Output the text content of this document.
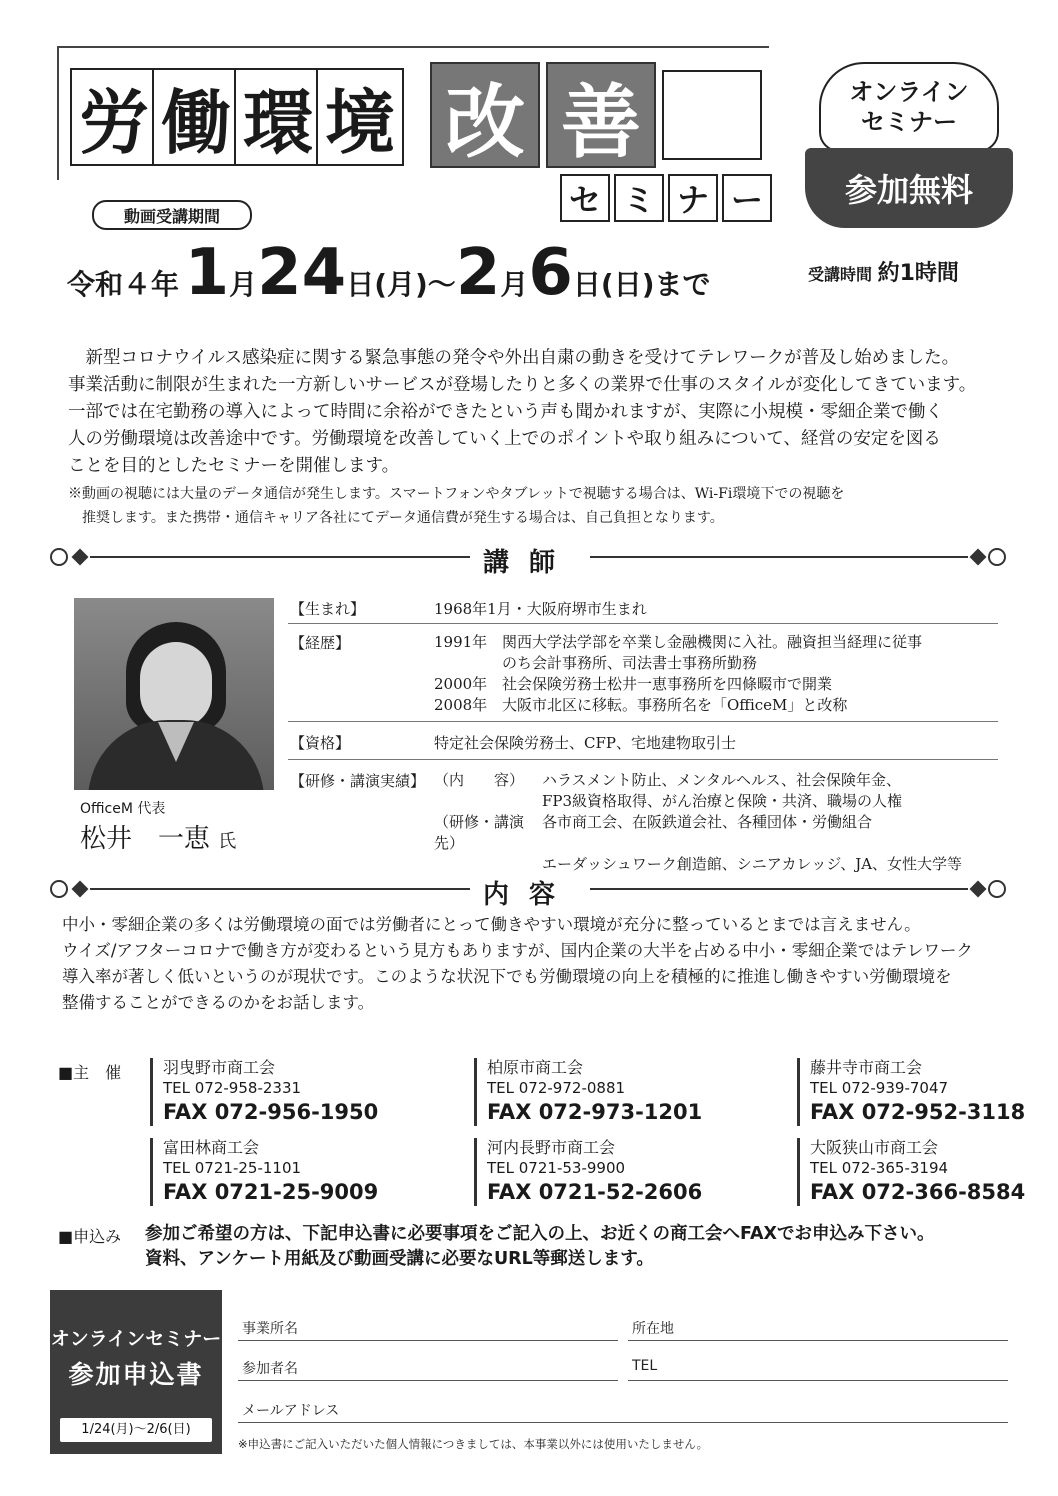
労 働 環 境 改 善
セ ミ ナ ー
オンライン
セミナー
参加無料
動画受講期間
令和４年 1月24日(月)～2月6日(日)まで	受講時間 約1時間
　新型コロナウイルス感染症に関する緊急事態の発令や外出自粛の動きを受けてテレワークが普及し始めました。
事業活動に制限が生まれた一方新しいサービスが登場したりと多くの業界で仕事のスタイルが変化してきています。
一部では在宅勤務の導入によって時間に余裕ができたという声も聞かれますが、実際に小規模・零細企業で働く
人の労働環境は改善途中です。労働環境を改善していく上でのポイントや取り組みについて、経営の安定を図る
ことを目的としたセミナーを開催します。
※動画の視聴には大量のデータ通信が発生します。スマートフォンやタブレットで視聴する場合は、Wi-Fi環境下での視聴を
　推奨します。また携帯・通信キャリア各社にてデータ通信費が発生する場合は、自己負担となります。
講師
OfficeM 代表
松井　一恵 氏
【生まれ】	1968年1月・大阪府堺市生まれ
【経歴】	1991年 関西大学法学部を卒業し金融機関に入社。融資担当経理に従事
のち会計事務所、司法書士事務所勤務
2000年 社会保険労務士松井一恵事務所を四條畷市で開業
2008年 大阪市北区に移転。事務所名を「OfficeM」と改称
【資格】	特定社会保険労務士、CFP、宅地建物取引士
【研修・講演実績】 （内　　容）	ハラスメント防止、メンタルヘルス、社会保険年金、
FP3級資格取得、がん治療と保険・共済、職場の人権
（研修・講演先）
各市商工会、在阪鉄道会社、各種団体・労働組合
エーダッシュワーク創造館、シニアカレッジ、JA、女性大学等
内容
中小・零細企業の多くは労働環境の面では労働者にとって働きやすい環境が充分に整っているとまでは言えません。
ウイズ/アフターコロナで働き方が変わるという見方もありますが、国内企業の大半を占める中小・零細企業ではテレワーク
導入率が著しく低いというのが現状です。このような状況下でも労働環境の向上を積極的に推進し働きやすい労働環境を
整備することができるのかをお話します。
■主　催	羽曳野市商工会
TEL 072-958-2331
FAX 072-956-1950
柏原市商工会
TEL 072-972-0881
FAX 072-973-1201
藤井寺市商工会
TEL 072-939-7047
FAX 072-952-3118
富田林商工会
TEL 0721-25-1101
FAX 0721-25-9009
河内長野市商工会
TEL 0721-53-9900
FAX 0721-52-2606
大阪狭山市商工会
TEL 072-365-3194
FAX 072-366-8584
■申込み 参加ご希望の方は、下記申込書に必要事項をご記入の上、お近くの商工会へFAXでお申込み下さい。
資料、アンケート用紙及び動画受講に必要なURL等郵送します。
オンラインセミナー
参加申込書
1/24(月)～2/6(日)
事業所名	所在地
参加者名	TEL
メールアドレス
※申込書にご記入いただいた個人情報につきましては、本事業以外には使用いたしません。
